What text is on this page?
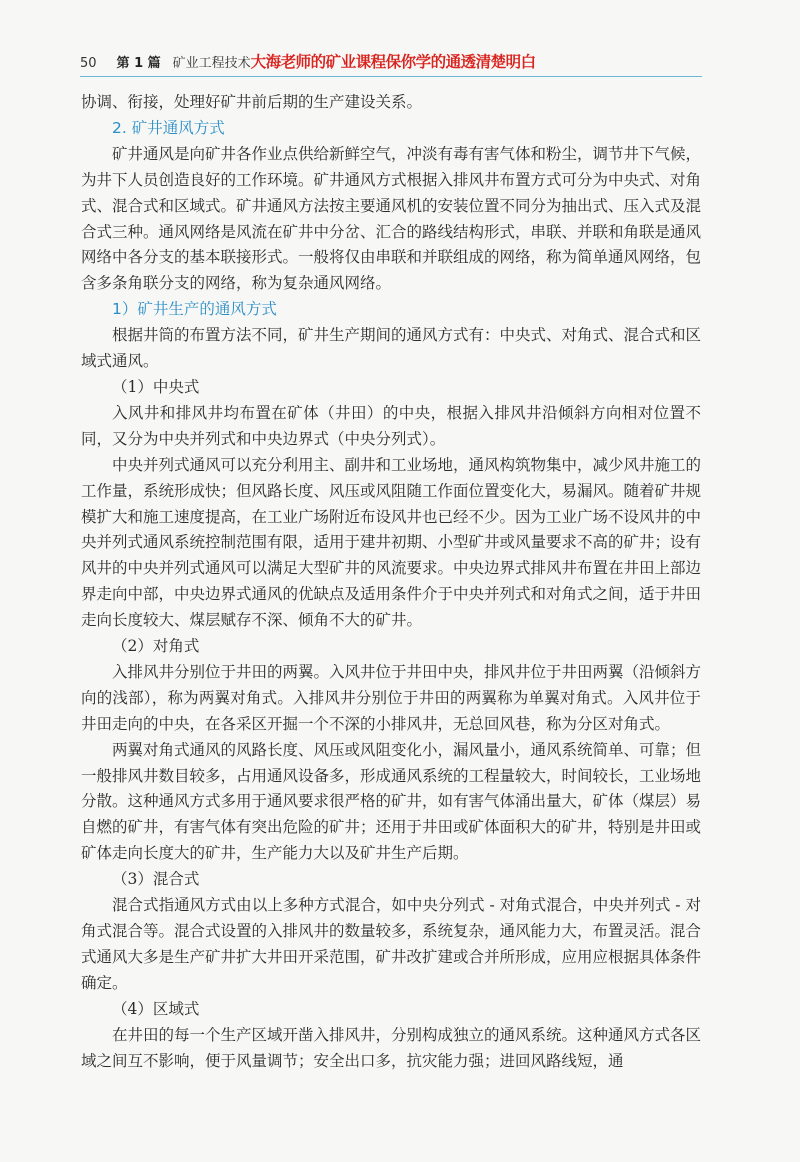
50 第 1 篇 矿业工程技术 大海老师的矿业课程保你学的通透清楚明白

协调、衔接，处理好矿井前后期的生产建设关系。

2. 矿井通风方式

矿井通风是向矿井各作业点供给新鲜空气，冲淡有毒有害气体和粉尘，调节井下气候，为井下人员创造良好的工作环境。矿井通风方式根据入排风井布置方式可分为中央式、对角式、混合式和区域式。矿井通风方法按主要通风机的安装位置不同分为抽出式、压入式及混合式三种。通风网络是风流在矿井中分岔、汇合的路线结构形式，串联、并联和角联是通风网络中各分支的基本联接形式。一般将仅由串联和并联组成的网络，称为简单通风网络，包含多条角联分支的网络，称为复杂通风网络。

1）矿井生产的通风方式

根据井筒的布置方法不同，矿井生产期间的通风方式有：中央式、对角式、混合式和区域式通风。

（1）中央式

入风井和排风井均布置在矿体（井田）的中央，根据入排风井沿倾斜方向相对位置不同，又分为中央并列式和中央边界式（中央分列式）。

中央并列式通风可以充分利用主、副井和工业场地，通风构筑物集中，减少风井施工的工作量，系统形成快；但风路长度、风压或风阻随工作面位置变化大，易漏风。随着矿井规模扩大和施工速度提高，在工业广场附近布设风井也已经不少。因为工业广场不设风井的中央并列式通风系统控制范围有限，适用于建井初期、小型矿井或风量要求不高的矿井；设有风井的中央并列式通风可以满足大型矿井的风流要求。中央边界式排风井布置在井田上部边界走向中部，中央边界式通风的优缺点及适用条件介于中央并列式和对角式之间，适于井田走向长度较大、煤层赋存不深、倾角不大的矿井。

（2）对角式

入排风井分别位于井田的两翼。入风井位于井田中央，排风井位于井田两翼（沿倾斜方向的浅部），称为两翼对角式。入排风井分别位于井田的两翼称为单翼对角式。入风井位于井田走向的中央，在各采区开掘一个不深的小排风井，无总回风巷，称为分区对角式。

两翼对角式通风的风路长度、风压或风阻变化小，漏风量小，通风系统简单、可靠；但一般排风井数目较多，占用通风设备多，形成通风系统的工程量较大，时间较长，工业场地分散。这种通风方式多用于通风要求很严格的矿井，如有害气体涌出量大，矿体（煤层）易自燃的矿井，有害气体有突出危险的矿井；还用于井田或矿体面积大的矿井，特别是井田或矿体走向长度大的矿井，生产能力大以及矿井生产后期。

（3）混合式

混合式指通风方式由以上多种方式混合，如中央分列式 - 对角式混合，中央并列式 - 对角式混合等。混合式设置的入排风井的数量较多，系统复杂，通风能力大，布置灵活。混合式通风大多是生产矿井扩大井田开采范围，矿井改扩建或合并所形成，应用应根据具体条件确定。

（4）区域式

在井田的每一个生产区域开凿入排风井，分别构成独立的通风系统。这种通风方式各区域之间互不影响，便于风量调节；安全出口多，抗灾能力强；进回风路线短，通
